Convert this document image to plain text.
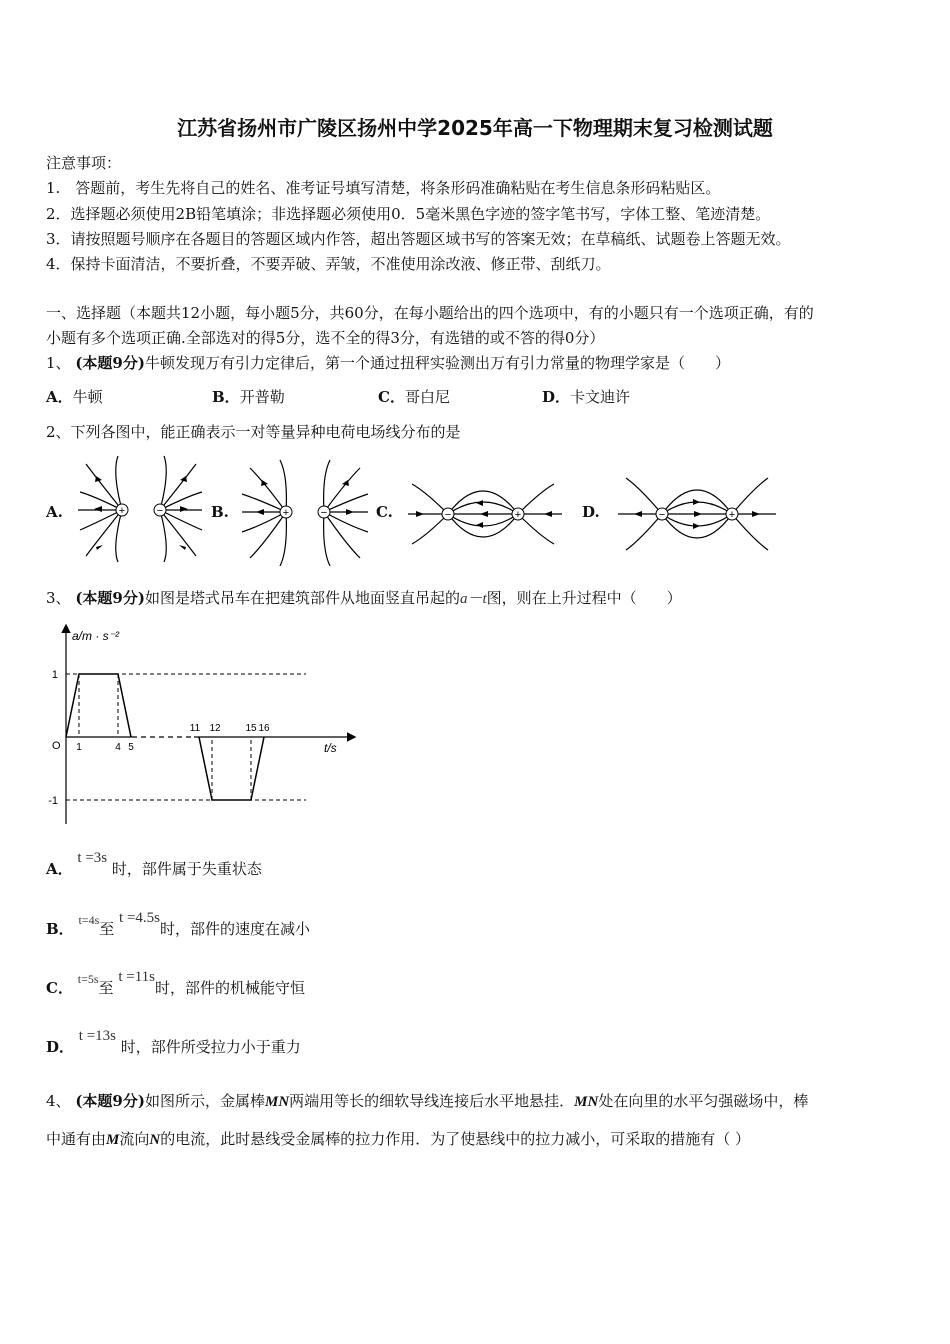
江苏省扬州市广陵区扬州中学2025年高一下物理期末复习检测试题
注意事项：
1.　答题前，考生先将自己的姓名、准考证号填写清楚，将条形码准确粘贴在考生信息条形码粘贴区。
2．选择题必须使用2B铅笔填涂；非选择题必须使用0．5毫米黑色字迹的签字笔书写，字体工整、笔迹清楚。
3．请按照题号顺序在各题目的答题区域内作答，超出答题区域书写的答案无效；在草稿纸、试题卷上答题无效。
4．保持卡面清洁，不要折叠，不要弄破、弄皱，不准使用涂改液、修正带、刮纸刀。
一、选择题（本题共12小题，每小题5分，共60分，在每小题给出的四个选项中，有的小题只有一个选项正确，有的
小题有多个选项正确.全部选对的得5分，选不全的得3分，有选错的或不答的得0分）
1、 (本题9分)牛顿发现万有引力定律后，第一个通过扭秤实验测出万有引力常量的物理学家是（　　）
A．牛顿	B．开普勒	C．哥白尼	D．卡文迪许
2、下列各图中，能正确表示一对等量异种电荷电场线分布的是
A.	B.	C.	D.
+	−	+	−	−	+	−	+
3、 (本题9分)如图是塔式吊车在把建筑部件从地面竖直吊起的a－t图，则在上升过程中（　　）
a/m · s⁻²
t/s
O 1	4 5
11 12 15 16
1
-1
A． t =3s 时，部件属于失重状态
B． $^{t=4s}$至 t =4.5s时，部件的速度在减小
C． $^{t=5s}$至 t =11s时，部件的机械能守恒
D． t =13s 时，部件所受拉力小于重力
4、 (本题9分)如图所示，金属棒MN两端用等长的细软导线连接后水平地悬挂．MN处在向里的水平匀强磁场中，棒
中通有由M流向N的电流，此时悬线受金属棒的拉力作用．为了使悬线中的拉力减小，可采取的措施有（ ）
